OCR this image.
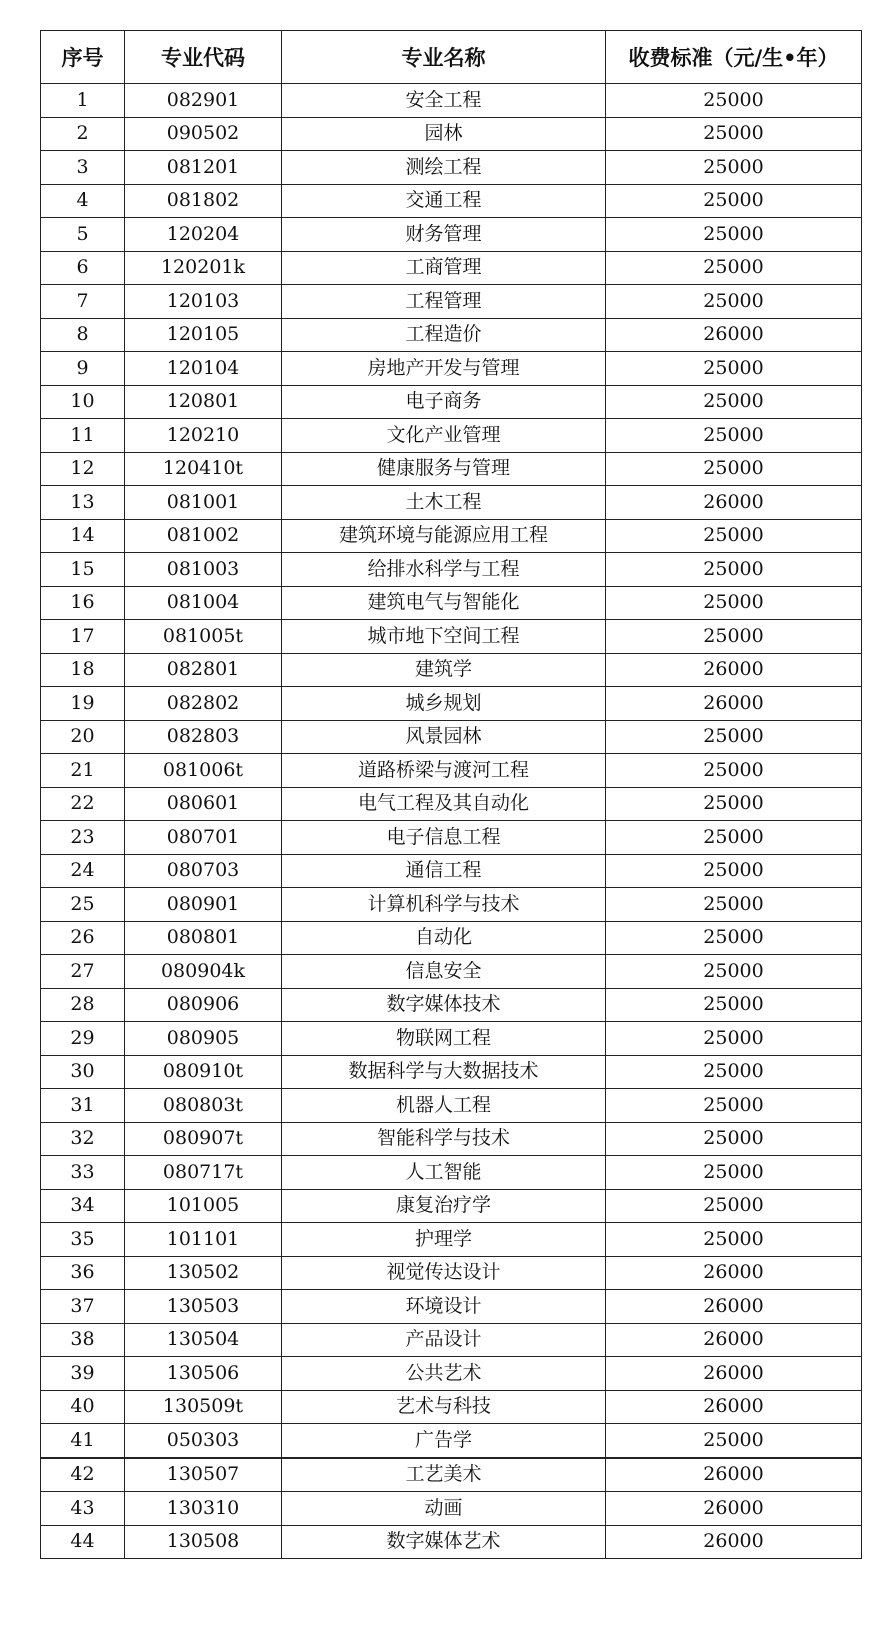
序号	专业代码	专业名称	收费标准（元/生•年）
1	082901	安全工程	25000
2	090502	园林	25000
3	081201	测绘工程	25000
4	081802	交通工程	25000
5	120204	财务管理	25000
6	120201k	工商管理	25000
7	120103	工程管理	25000
8	120105	工程造价	26000
9	120104	房地产开发与管理	25000
10	120801	电子商务	25000
11	120210	文化产业管理	25000
12	120410t	健康服务与管理	25000
13	081001	土木工程	26000
14	081002	建筑环境与能源应用工程	25000
15	081003	给排水科学与工程	25000
16	081004	建筑电气与智能化	25000
17	081005t	城市地下空间工程	25000
18	082801	建筑学	26000
19	082802	城乡规划	26000
20	082803	风景园林	25000
21	081006t	道路桥梁与渡河工程	25000
22	080601	电气工程及其自动化	25000
23	080701	电子信息工程	25000
24	080703	通信工程	25000
25	080901	计算机科学与技术	25000
26	080801	自动化	25000
27	080904k	信息安全	25000
28	080906	数字媒体技术	25000
29	080905	物联网工程	25000
30	080910t	数据科学与大数据技术	25000
31	080803t	机器人工程	25000
32	080907t	智能科学与技术	25000
33	080717t	人工智能	25000
34	101005	康复治疗学	25000
35	101101	护理学	25000
36	130502	视觉传达设计	26000
37	130503	环境设计	26000
38	130504	产品设计	26000
39	130506	公共艺术	26000
40	130509t	艺术与科技	26000
41	050303	广告学	25000
42	130507	工艺美术	26000
43	130310	动画	26000
44	130508	数字媒体艺术	26000
